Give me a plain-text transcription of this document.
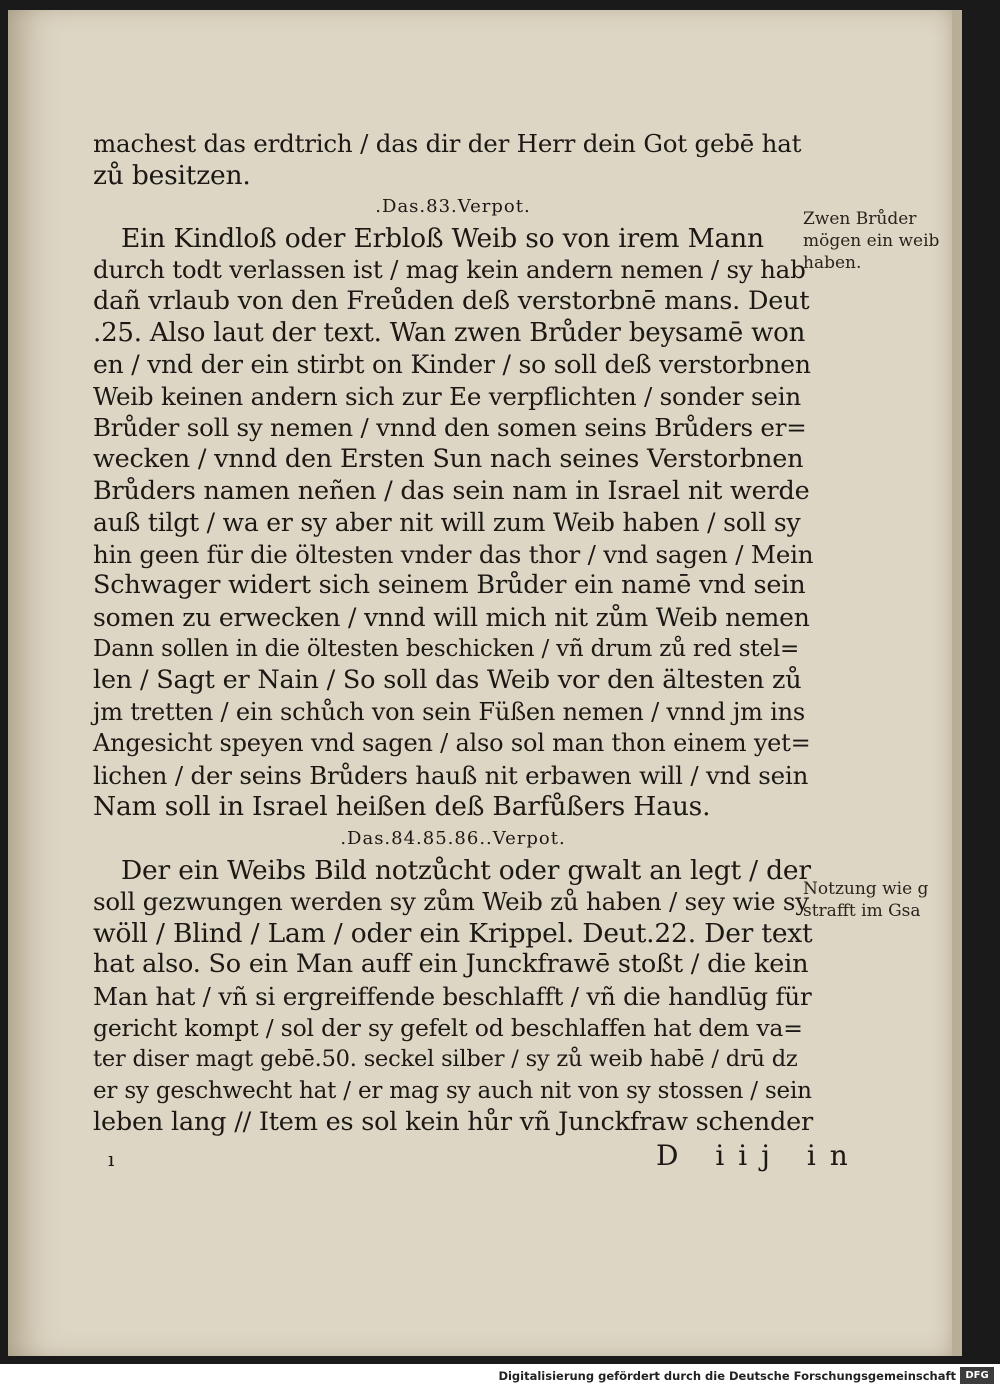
machest das erdtrich / das dir der Herr dein Got gebē hat
zů besitzen.
.Das.83.Verpot.
Ein Kindloß oder Erbloß Weib so von irem Mann
durch todt verlassen ist / mag kein andern nemen / sy hab
dañ vrlaub von den Freůden deß verstorbnē mans. Deut
.25. Also laut der text. Wan zwen Brůder beysamē won
en / vnd der ein stirbt on Kinder / so soll deß verstorbnen
Weib keinen andern sich zur Ee verpflichten / sonder sein
Brůder soll sy nemen / vnnd den somen seins Brůders er=
wecken / vnnd den Ersten Sun nach seines Verstorbnen
Brůders namen neñen / das sein nam in Israel nit werde
auß tilgt / wa er sy aber nit will zum Weib haben / soll sy
hin geen für die öltesten vnder das thor / vnd sagen / Mein
Schwager widert sich seinem Brůder ein namē vnd sein
somen zu erwecken / vnnd will mich nit zům Weib nemen
Dann sollen in die öltesten beschicken / vñ drum zů red stel=
len / Sagt er Nain / So soll das Weib vor den ältesten zů
jm tretten / ein schůch von sein Füßen nemen / vnnd jm ins
Angesicht speyen vnd sagen / also sol man thon einem yet=
lichen / der seins Brůders hauß nit erbawen will / vnd sein
Nam soll in Israel heißen deß Barfůßers Haus.
.Das.84.85.86..Verpot.
Der ein Weibs Bild notzůcht oder gwalt an legt / der
soll gezwungen werden sy zům Weib zů haben / sey wie sy
wöll / Blind / Lam / oder ein Krippel. Deut.22. Der text
hat also. So ein Man auff ein Junckfrawē stoßt / die kein
Man hat / vñ si ergreiffende beschlafft / vñ die handlūg für
gericht kompt / sol der sy gefelt od beschlaffen hat dem va=
ter diser magt gebē.50. seckel silber / sy zů weib habē / drū dz
er sy geschwecht hat / er mag sy auch nit von sy stossen / sein
leben lang // Item es sol kein hůr vñ Junckfraw schender
Zwen Brůder
mögen ein weib
haben.
Notzung wie g
strafft im Gsa
ı	D iij in
Digitalisierung gefördert durch die Deutsche Forschungsgemeinschaft DFG
